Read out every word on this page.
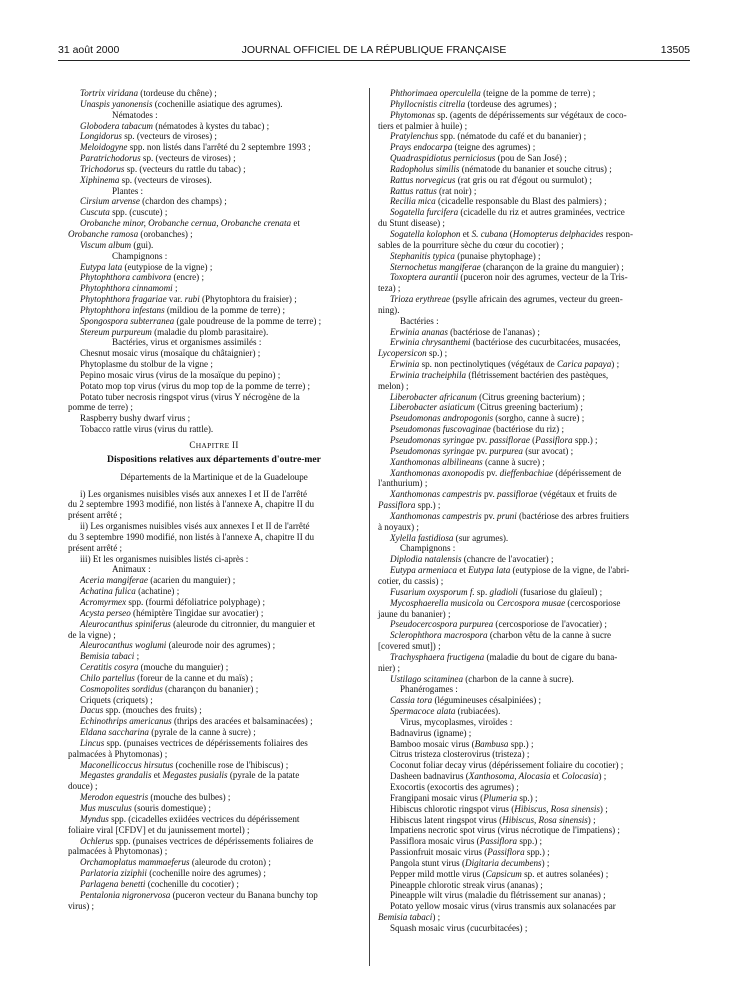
31 août 2000	JOURNAL OFFICIEL DE LA RÉPUBLIQUE FRANÇAISE	13505
Tortrix viridana (tordeuse du chêne) ;
Unaspis yanonensis (cochenille asiatique des agrumes).
Nématodes :
Globodera tabacum (nématodes à kystes du tabac) ;
Longidorus sp. (vecteurs de viroses) ;
Meloidogyne spp. non listés dans l'arrêté du 2 septembre 1993 ;
Paratrichodorus sp. (vecteurs de viroses) ;
Trichodorus sp. (vecteurs du rattle du tabac) ;
Xiphinema sp. (vecteurs de viroses).
Plantes :
Cirsium arvense (chardon des champs) ;
Cuscuta spp. (cuscute) ;
Orobanche minor, Orobanche cernua, Orobanche crenata et
Orobanche ramosa (orobanches) ;
Viscum album (gui).
Champignons :
Eutypa lata (eutypiose de la vigne) ;
Phytophthora cambivora (encre) ;
Phytophthora cinnamomi ;
Phytophthora fragariae var. rubi (Phytophtora du fraisier) ;
Phytophthora infestans (mildiou de la pomme de terre) ;
Spongospora subterranea (gale poudreuse de la pomme de terre) ;
Stereum purpureum (maladie du plomb parasitaire).
Bactéries, virus et organismes assimilés :
Chesnut mosaic virus (mosaïque du châtaignier) ;
Phytoplasme du stolbur de la vigne ;
Pepino mosaic virus (virus de la mosaïque du pepino) ;
Potato mop top virus (virus du mop top de la pomme de terre) ;
Potato tuber necrosis ringspot virus (virus Y nécrogène de la
pomme de terre) ;
Raspberry bushy dwarf virus ;
Tobacco rattle virus (virus du rattle).
CHAPITRE II
Dispositions relatives aux départements d'outre-mer
Départements de la Martinique et de la Guadeloupe
i) Les organismes nuisibles visés aux annexes I et II de l'arrêté
du 2 septembre 1993 modifié, non listés à l'annexe A, chapitre II du
présent arrêté ;
ii) Les organismes nuisibles visés aux annexes I et II de l'arrêté
du 3 septembre 1990 modifié, non listés à l'annexe A, chapitre II du
présent arrêté ;
iii) Et les organismes nuisibles listés ci-après :
Animaux :
Aceria mangiferae (acarien du manguier) ;
Achatina fulica (achatine) ;
Acromyrmex spp. (fourmi défoliatrice polyphage) ;
Acysta perseo (hémiptère Tingidae sur avocatier) ;
Aleurocanthus spiniferus (aleurode du citronnier, du manguier et
de la vigne) ;
Aleurocanthus woglumi (aleurode noir des agrumes) ;
Bemisia tabaci ;
Ceratitis cosyra (mouche du manguier) ;
Chilo partellus (foreur de la canne et du maïs) ;
Cosmopolites sordidus (charançon du bananier) ;
Criquets (criquets) ;
Dacus spp. (mouches des fruits) ;
Echinothrips americanus (thrips des aracées et balsaminacées) ;
Eldana saccharina (pyrale de la canne à sucre) ;
Lincus spp. (punaises vectrices de dépérissements foliaires des
palmacées à Phytomonas) ;
Maconellicoccus hirsutus (cochenille rose de l'hibiscus) ;
Megastes grandalis et Megastes pusialis (pyrale de la patate
douce) ;
Merodon equestris (mouche des bulbes) ;
Mus musculus (souris domestique) ;
Myndus spp. (cicadelles exiidées vectrices du dépérissement
foliaire viral [CFDV] et du jaunissement mortel) ;
Ochlerus spp. (punaises vectrices de dépérissements foliaires de
palmacées à Phytomonas) ;
Orchamoplatus mammaeferus (aleurode du croton) ;
Parlatoria ziziphii (cochenille noire des agrumes) ;
Parlagena benetti (cochenille du cocotier) ;
Pentalonia nigronervosa (puceron vecteur du Banana bunchy top
virus) ;
Phthorimaea operculella (teigne de la pomme de terre) ;
Phyllocnistis citrella (tordeuse des agrumes) ;
Phytomonas sp. (agents de dépérissements sur végétaux de coco-
tiers et palmier à huile) ;
Pratylenchus spp. (nématode du café et du bananier) ;
Prays endocarpa (teigne des agrumes) ;
Quadraspidiotus perniciosus (pou de San José) ;
Radopholus similis (nématode du bananier et souche citrus) ;
Rattus norvegicus (rat gris ou rat d'égout ou surmulot) ;
Rattus rattus (rat noir) ;
Recilia mica (cicadelle responsable du Blast des palmiers) ;
Sogatella furcifera (cicadelle du riz et autres graminées, vectrice
du Stunt disease) ;
Sogatella kolophon et S. cubana (Homopterus delphacides respon-
sables de la pourriture sèche du cœur du cocotier) ;
Stephanitis typica (punaise phytophage) ;
Sternochetus mangiferae (charançon de la graine du manguier) ;
Toxoptera aurantii (puceron noir des agrumes, vecteur de la Tris-
teza) ;
Trioza erythreae (psylle africain des agrumes, vecteur du green-
ning).
Bactéries :
Erwinia ananas (bactériose de l'ananas) ;
Erwinia chrysanthemi (bactériose des cucurbitacées, musacées,
Lycopersicon sp.) ;
Erwinia sp. non pectinolytiques (végétaux de Carica papaya) ;
Erwinia tracheiphila (flétrissement bactérien des pastèques,
melon) ;
Liberobacter africanum (Citrus greening bacterium) ;
Liberobacter asiaticum (Citrus greening bacterium) ;
Pseudomonas andropogonis (sorgho, canne à sucre) ;
Pseudomonas fuscovaginae (bactériose du riz) ;
Pseudomonas syringae pv. passiflorae (Passiflora spp.) ;
Pseudomonas syringae pv. purpurea (sur avocat) ;
Xanthomonas albilineans (canne à sucre) ;
Xanthomonas axonopodis pv. dieffenbachiae (dépérissement de
l'anthurium) ;
Xanthomonas campestris pv. passiflorae (végétaux et fruits de
Passiflora spp.) ;
Xanthomonas campestris pv. pruni (bactériose des arbres fruitiers
à noyaux) ;
Xylella fastidiosa (sur agrumes).
Champignons :
Diplodia natalensis (chancre de l'avocatier) ;
Eutypa armeniaca et Eutypa lata (eutypiose de la vigne, de l'abri-
cotier, du cassis) ;
Fusarium oxysporum f. sp. gladioli (fusariose du glaïeul) ;
Mycosphaerella musicola ou Cercospora musae (cercosporiose
jaune du bananier) ;
Pseudocercospora purpurea (cercosporiose de l'avocatier) ;
Sclerophthora macrospora (charbon vêtu de la canne à sucre
[covered smut]) ;
Trachysphaera fructigena (maladie du bout de cigare du bana-
nier) ;
Ustilago scitaminea (charbon de la canne à sucre).
Phanérogames :
Cassia tora (légumineuses césalpiniées) ;
Spermacoce alata (rubiacées).
Virus, mycoplasmes, viroïdes :
Badnavirus (igname) ;
Bamboo mosaic virus (Bambusa spp.) ;
Citrus tristeza closterovirus (tristeza) ;
Coconut foliar decay virus (dépérissement foliaire du cocotier) ;
Dasheen badnavirus (Xanthosoma, Alocasia et Colocasia) ;
Exocortis (exocortis des agrumes) ;
Frangipani mosaic virus (Plumeria sp.) ;
Hibiscus chlorotic ringspot virus (Hibiscus, Rosa sinensis) ;
Hibiscus latent ringspot virus (Hibiscus, Rosa sinensis) ;
Impatiens necrotic spot virus (virus nécrotique de l'impatiens) ;
Passiflora mosaic virus (Passiflora spp.) ;
Passionfruit mosaic virus (Passiflora spp.) ;
Pangola stunt virus (Digitaria decumbens) ;
Pepper mild mottle virus (Capsicum sp. et autres solanées) ;
Pineapple chlorotic streak virus (ananas) ;
Pineapple wilt virus (maladie du flétrissement sur ananas) ;
Potato yellow mosaic virus (virus transmis aux solanacées par
Bemisia tabaci) ;
Squash mosaic virus (cucurbitacées) ;
